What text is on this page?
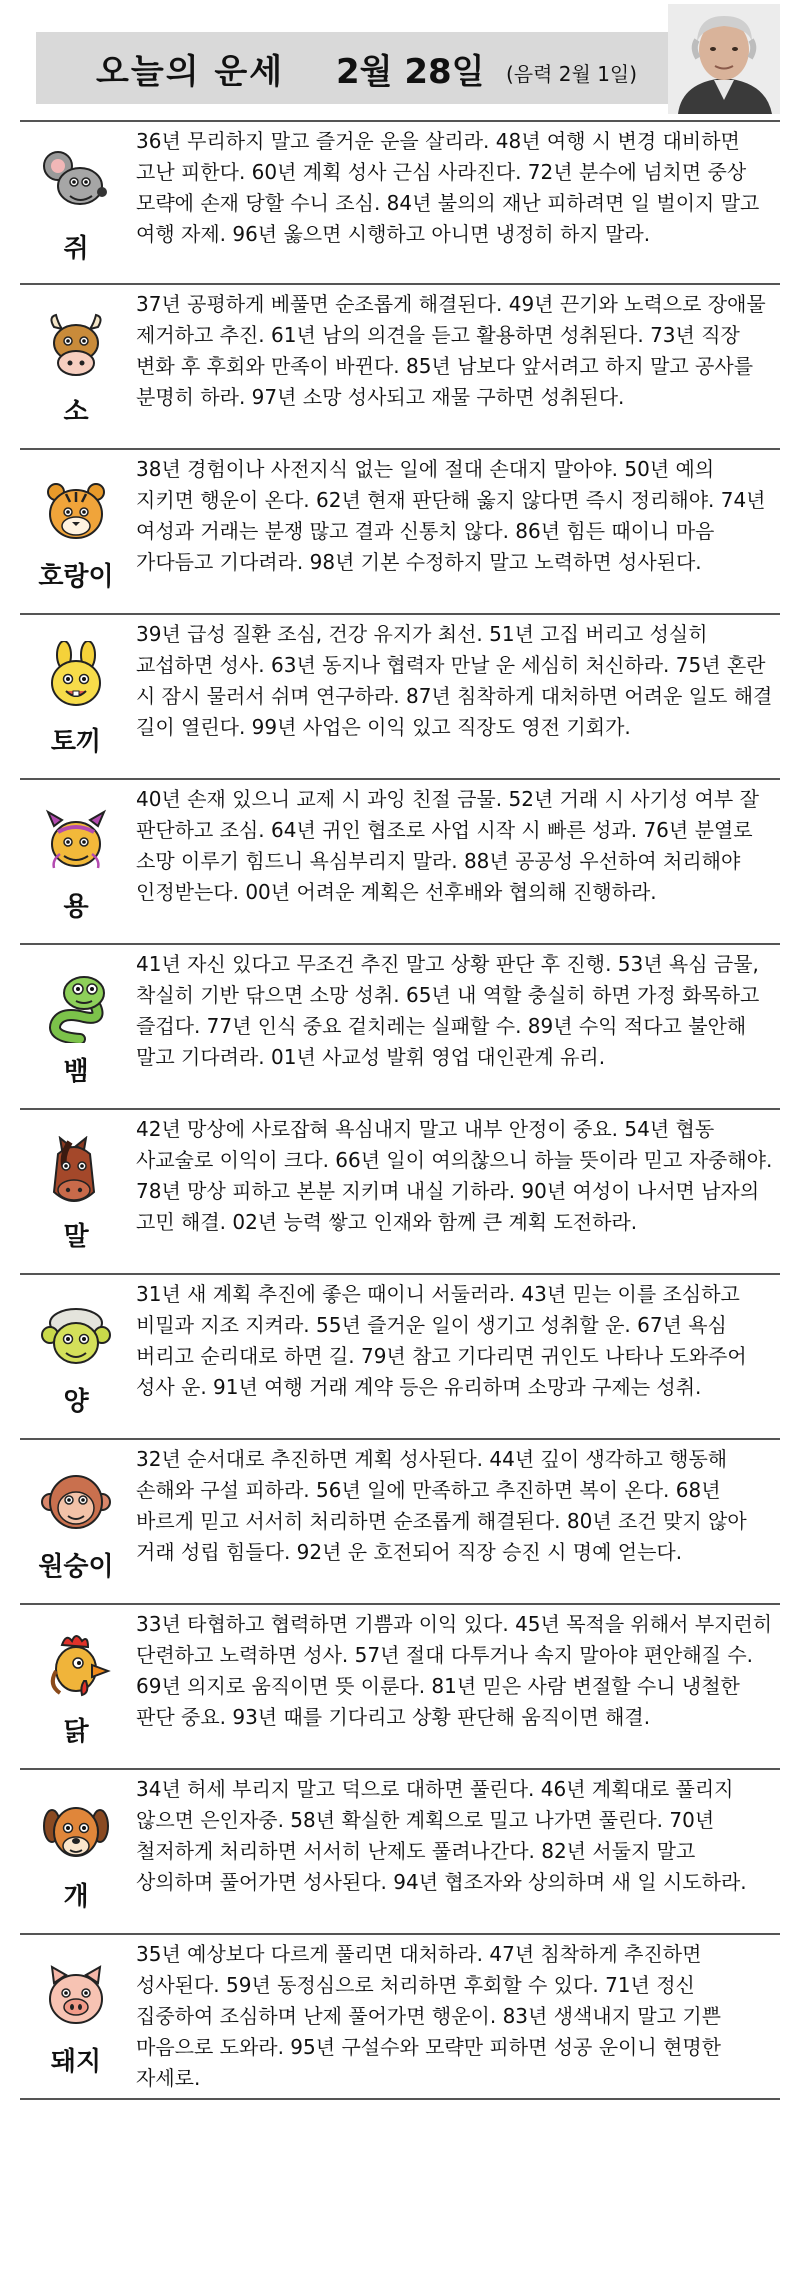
오늘의 운세 2월 28일 (음력 2월 1일)
쥐
36년 무리하지 말고 즐거운 운을 살리라. 48년 여행 시 변경 대비하면 고난 피한다. 60년 계획 성사 근심 사라진다. 72년 분수에 넘치면 중상 모략에 손재 당할 수니 조심. 84년 불의의 재난 피하려면 일 벌이지 말고 여행 자제. 96년 옳으면 시행하고 아니면 냉정히 하지 말라.
소
37년 공평하게 베풀면 순조롭게 해결된다. 49년 끈기와 노력으로 장애물 제거하고 추진. 61년 남의 의견을 듣고 활용하면 성취된다. 73년 직장 변화 후 후회와 만족이 바뀐다. 85년 남보다 앞서려고 하지 말고 공사를 분명히 하라. 97년 소망 성사되고 재물 구하면 성취된다.
호랑이
38년 경험이나 사전지식 없는 일에 절대 손대지 말아야. 50년 예의 지키면 행운이 온다. 62년 현재 판단해 옳지 않다면 즉시 정리해야. 74년 여성과 거래는 분쟁 많고 결과 신통치 않다. 86년 힘든 때이니 마음 가다듬고 기다려라. 98년 기본 수정하지 말고 노력하면 성사된다.
토끼
39년 급성 질환 조심, 건강 유지가 최선. 51년 고집 버리고 성실히 교섭하면 성사. 63년 동지나 협력자 만날 운 세심히 처신하라. 75년 혼란 시 잠시 물러서 쉬며 연구하라. 87년 침착하게 대처하면 어려운 일도 해결 길이 열린다. 99년 사업은 이익 있고 직장도 영전 기회가.
용
40년 손재 있으니 교제 시 과잉 친절 금물. 52년 거래 시 사기성 여부 잘 판단하고 조심. 64년 귀인 협조로 사업 시작 시 빠른 성과. 76년 분열로 소망 이루기 힘드니 욕심부리지 말라. 88년 공공성 우선하여 처리해야 인정받는다. 00년 어려운 계획은 선후배와 협의해 진행하라.
뱀
41년 자신 있다고 무조건 추진 말고 상황 판단 후 진행. 53년 욕심 금물, 착실히 기반 닦으면 소망 성취. 65년 내 역할 충실히 하면 가정 화목하고 즐겁다. 77년 인식 중요 겉치레는 실패할 수. 89년 수익 적다고 불안해 말고 기다려라. 01년 사교성 발휘 영업 대인관계 유리.
말
42년 망상에 사로잡혀 욕심내지 말고 내부 안정이 중요. 54년 협동 사교술로 이익이 크다. 66년 일이 여의찮으니 하늘 뜻이라 믿고 자중해야. 78년 망상 피하고 본분 지키며 내실 기하라. 90년 여성이 나서면 남자의 고민 해결. 02년 능력 쌓고 인재와 함께 큰 계획 도전하라.
양
31년 새 계획 추진에 좋은 때이니 서둘러라. 43년 믿는 이를 조심하고 비밀과 지조 지켜라. 55년 즐거운 일이 생기고 성취할 운. 67년 욕심 버리고 순리대로 하면 길. 79년 참고 기다리면 귀인도 나타나 도와주어 성사 운. 91년 여행 거래 계약 등은 유리하며 소망과 구제는 성취.
원숭이
32년 순서대로 추진하면 계획 성사된다. 44년 깊이 생각하고 행동해 손해와 구설 피하라. 56년 일에 만족하고 추진하면 복이 온다. 68년 바르게 믿고 서서히 처리하면 순조롭게 해결된다. 80년 조건 맞지 않아 거래 성립 힘들다. 92년 운 호전되어 직장 승진 시 명예 얻는다.
닭
33년 타협하고 협력하면 기쁨과 이익 있다. 45년 목적을 위해서 부지런히 단련하고 노력하면 성사. 57년 절대 다투거나 속지 말아야 편안해질 수. 69년 의지로 움직이면 뜻 이룬다. 81년 믿은 사람 변절할 수니 냉철한 판단 중요. 93년 때를 기다리고 상황 판단해 움직이면 해결.
개
34년 허세 부리지 말고 덕으로 대하면 풀린다. 46년 계획대로 풀리지 않으면 은인자중. 58년 확실한 계획으로 밀고 나가면 풀린다. 70년 철저하게 처리하면 서서히 난제도 풀려나간다. 82년 서둘지 말고 상의하며 풀어가면 성사된다. 94년 협조자와 상의하며 새 일 시도하라.
돼지
35년 예상보다 다르게 풀리면 대처하라. 47년 침착하게 추진하면 성사된다. 59년 동정심으로 처리하면 후회할 수 있다. 71년 정신 집중하여 조심하며 난제 풀어가면 행운이. 83년 생색내지 말고 기쁜 마음으로 도와라. 95년 구설수와 모략만 피하면 성공 운이니 현명한 자세로.
